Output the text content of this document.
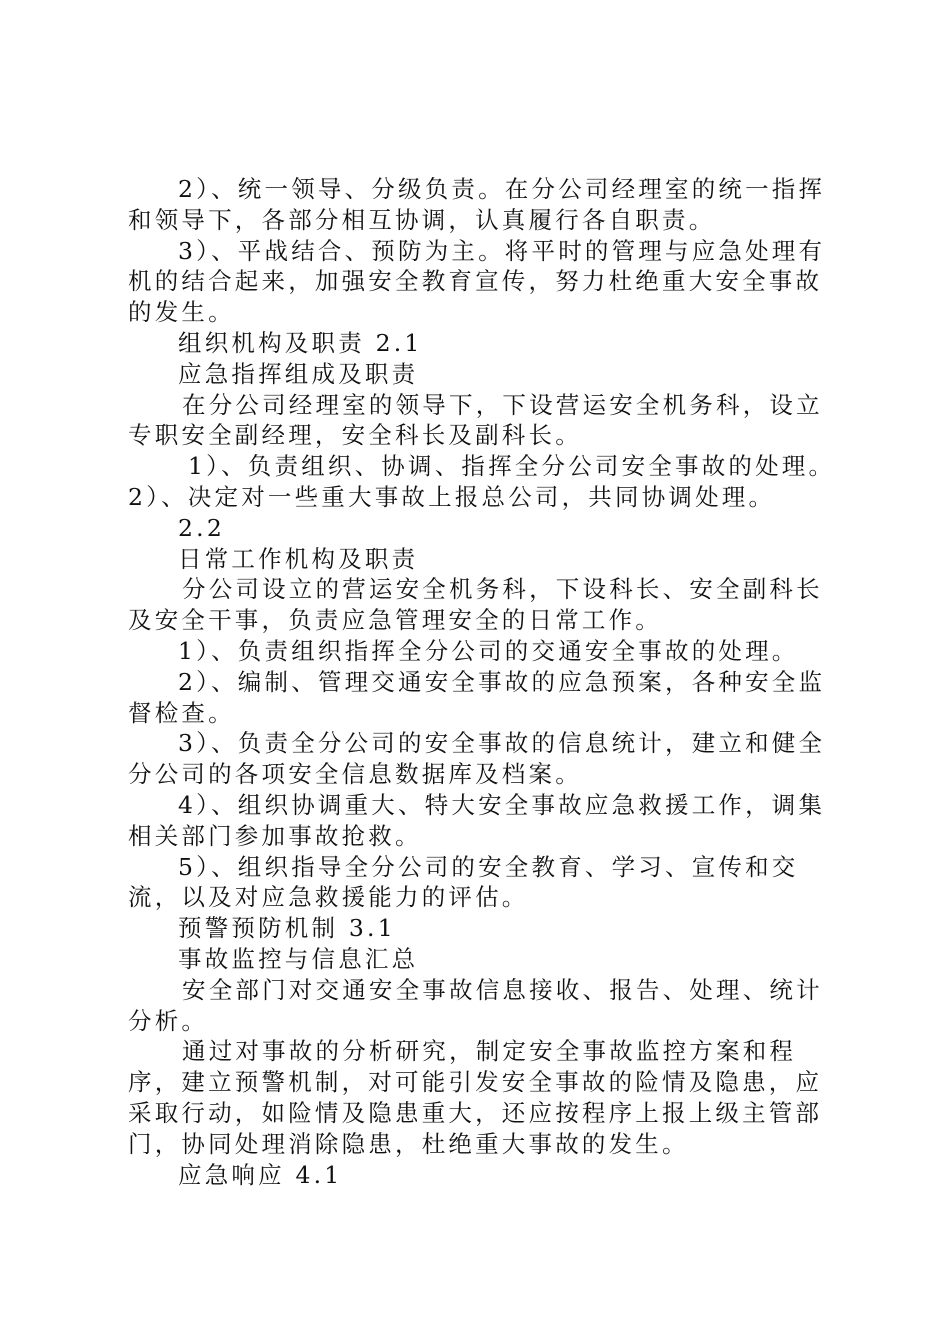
2）、统一领导、分级负责。在分公司经理室的统一指挥和领导下，各部分相互协调，认真履行各自职责。

3）、平战结合、预防为主。将平时的管理与应急处理有机的结合起来，加强安全教育宣传，努力杜绝重大安全事故的发生。

组织机构及职责 2.1

应急指挥组成及职责

在分公司经理室的领导下，下设营运安全机务科，设立专职安全副经理，安全科长及副科长。

1）、负责组织、协调、指挥全分公司安全事故的处理。

2）、决定对一些重大事故上报总公司，共同协调处理。

2.2

日常工作机构及职责

分公司设立的营运安全机务科，下设科长、安全副科长及安全干事，负责应急管理安全的日常工作。

1）、负责组织指挥全分公司的交通安全事故的处理。

2）、编制、管理交通安全事故的应急预案，各种安全监督检查。

3）、负责全分公司的安全事故的信息统计，建立和健全分公司的各项安全信息数据库及档案。

4）、组织协调重大、特大安全事故应急救援工作，调集相关部门参加事故抢救。

5）、组织指导全分公司的安全教育、学习、宣传和交流，以及对应急救援能力的评估。

预警预防机制 3.1

事故监控与信息汇总

安全部门对交通安全事故信息接收、报告、处理、统计分析。

通过对事故的分析研究，制定安全事故监控方案和程序，建立预警机制，对可能引发安全事故的险情及隐患，应采取行动，如险情及隐患重大，还应按程序上报上级主管部门，协同处理消除隐患，杜绝重大事故的发生。

应急响应 4.1
